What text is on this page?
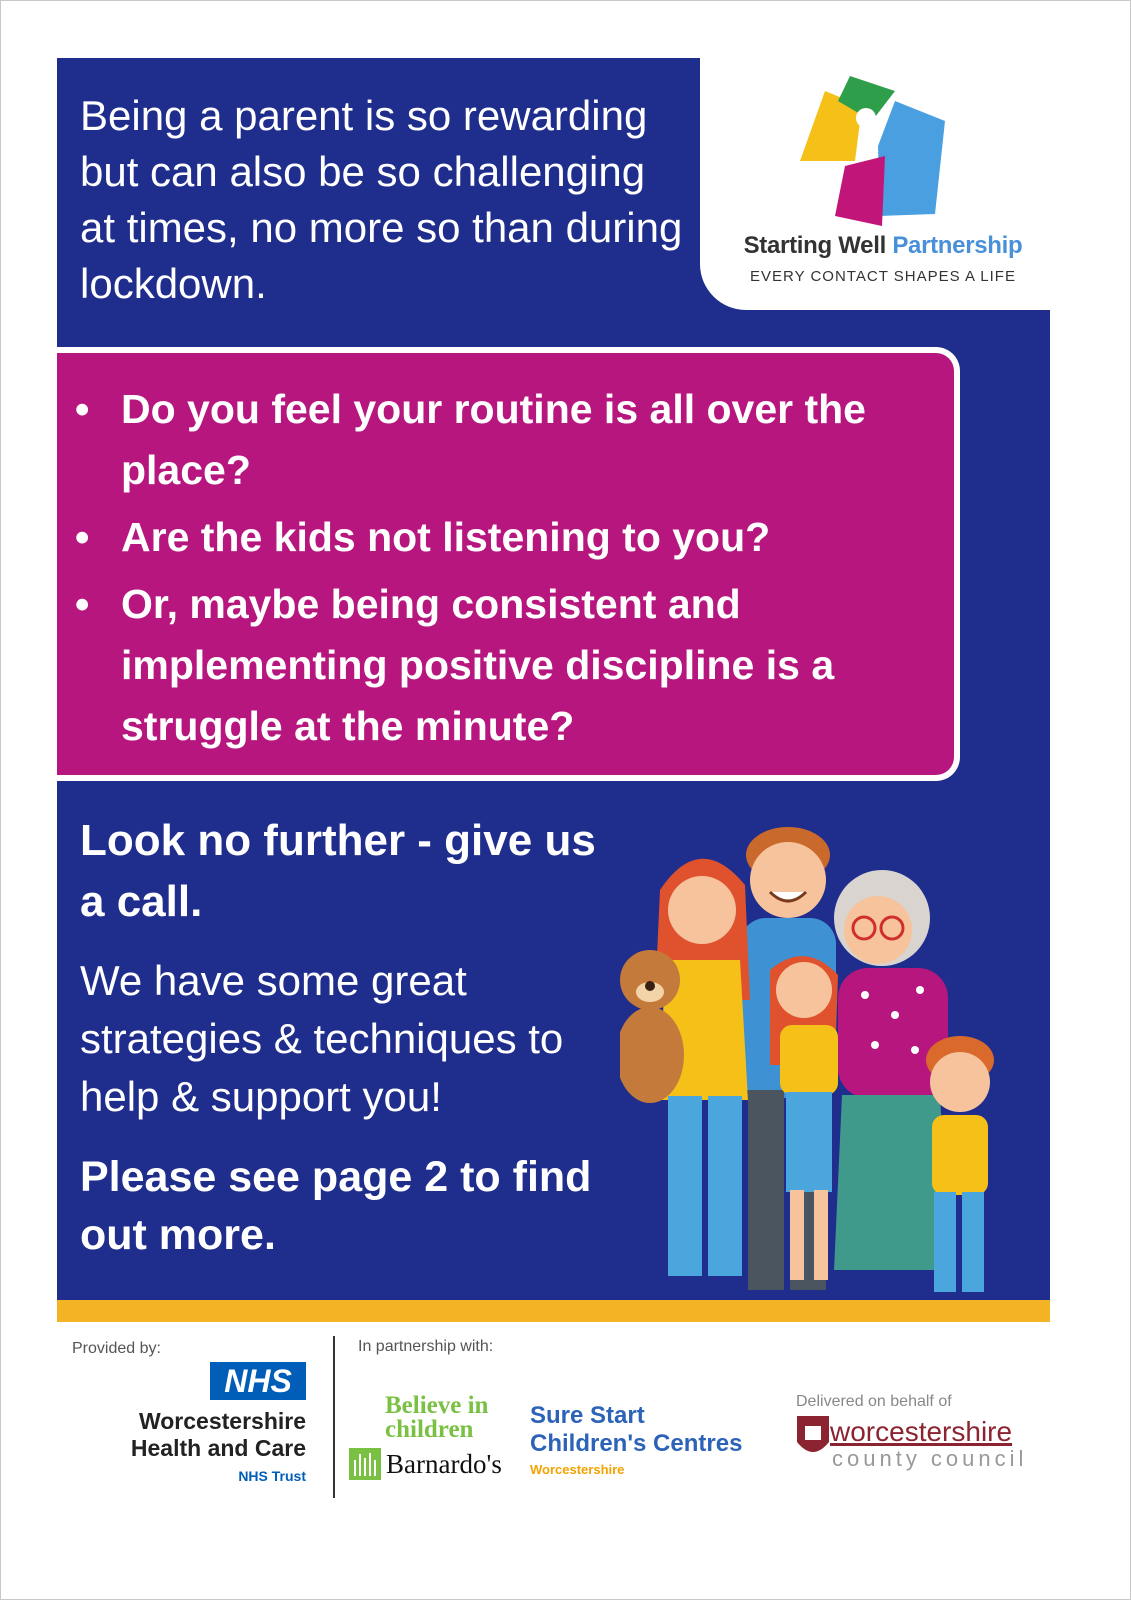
Being a parent is so rewarding but can also be so challenging at times, no more so than during lockdown.

Starting Well Partnership
EVERY CONTACT SHAPES A LIFE
• Do you feel your routine is all over the place?
• Are the kids not listening to you?
• Or, maybe being consistent and implementing positive discipline is a struggle at the minute?

Look no further - give us a call.

We have some great strategies & techniques to help & support you!

Please see page 2 to find out more.

Provided by:	In partnership with:
Delivered on behalf of
NHS
Worcestershire
Health and Care
NHS Trust
Believe in children
Barnardo's
Sure Start
Children's Centres
Worcestershire
worcestershire
county council
